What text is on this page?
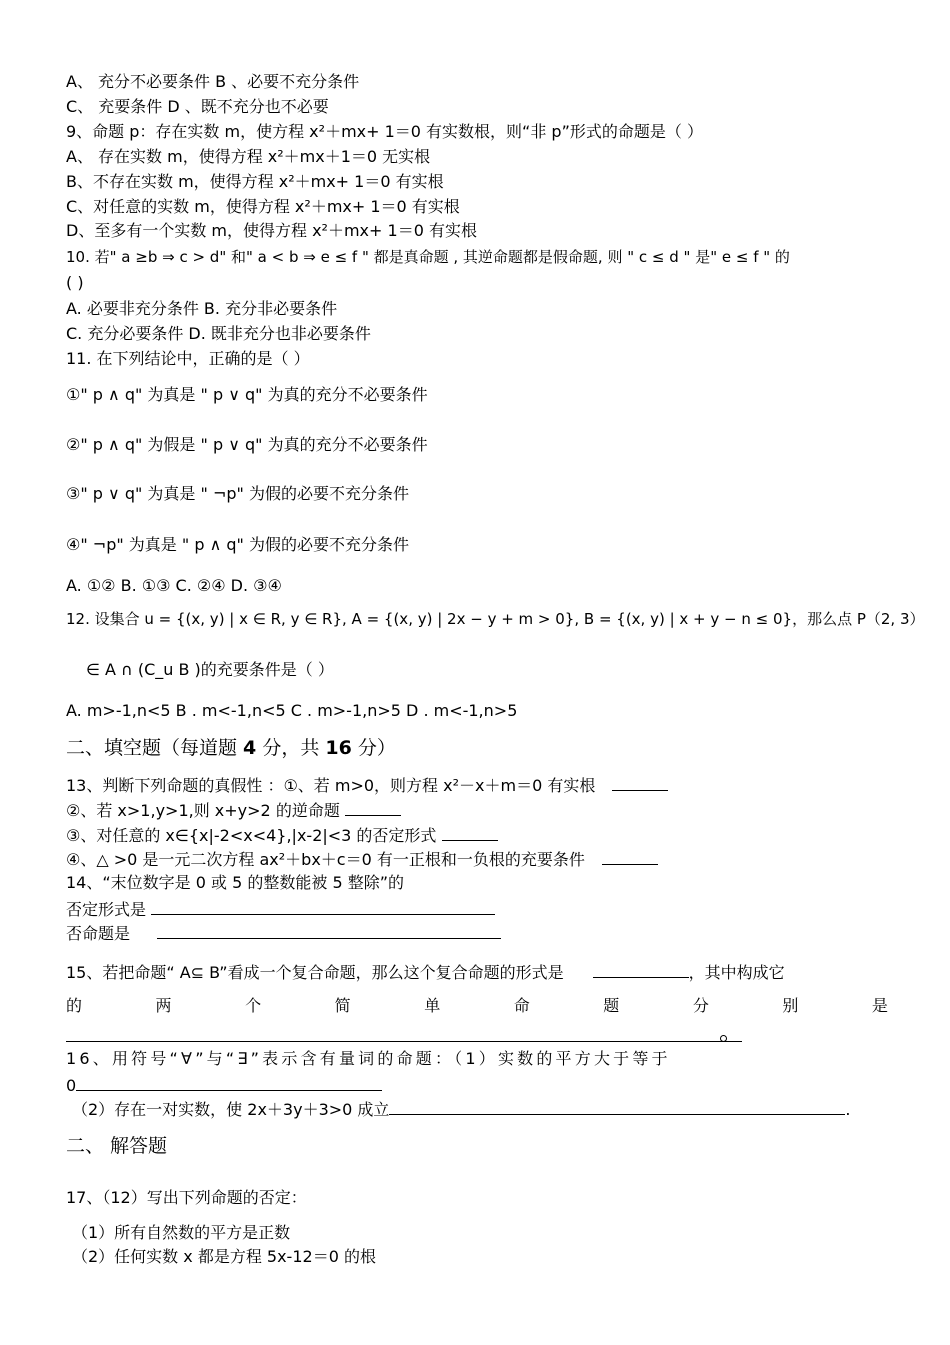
A、 充分不必要条件 B 、必要不充分条件
C、 充要条件 D 、既不充分也不必要
9、命题 p：存在实数 m，使方程 x²＋mx+ 1＝0 有实数根，则“非 p”形式的命题是（ ）
A、 存在实数 m，使得方程 x²＋mx＋1＝0 无实根
B、不存在实数 m，使得方程 x²＋mx+ 1＝0 有实根
C、对任意的实数 m，使得方程 x²＋mx+ 1＝0 有实根
D、至多有一个实数 m，使得方程 x²＋mx+ 1＝0 有实根
10. 若" a ≥b ⇒ c > d" 和" a < b ⇒ e ≤ f " 都是真命题 , 其逆命题都是假命题, 则 " c ≤ d " 是" e ≤ f " 的
( )
A. 必要非充分条件 B. 充分非必要条件
C. 充分必要条件 D. 既非充分也非必要条件
11. 在下列结论中，正确的是（ ）
①" p ∧ q" 为真是 " p ∨ q" 为真的充分不必要条件
②" p ∧ q" 为假是 " p ∨ q" 为真的充分不必要条件
③" p ∨ q" 为真是 " ¬p" 为假的必要不充分条件
④" ¬p" 为真是 " p ∧ q" 为假的必要不充分条件
A. ①② B. ①③ C. ②④ D. ③④
12. 设集合 u = {(x, y) | x ∈ R, y ∈ R}, A = {(x, y) | 2x − y + m > 0}, B = {(x, y) | x + y − n ≤ 0}，那么点 P（2, 3）
∈ A ∩ (C_u B )的充要条件是（ ）
A. m>-1,n<5 B . m<-1,n<5 C . m>-1,n>5 D . m<-1,n>5
二、填空题（每道题 4 分，共 16 分）
13、判断下列命题的真假性 ：①、若 m>0，则方程 x²－x＋m＝0 有实根
②、若 x>1,y>1,则 x+y>2 的逆命题
③、对任意的 x∈{x|-2<x<4},|x-2|<3 的否定形式
④、△ >0 是一元二次方程 ax²＋bx＋c＝0 有一正根和一负根的充要条件
14、“末位数字是 0 或 5 的整数能被 5 整除”的
否定形式是
否命题是
15、若把命题“ A⊆ B”看成一个复合命题，那么这个复合命题的形式是	，其中构成它
的	两	个	简	单	命	题	分	别	是
16、用符号“∀”与“∃”表示含有量词的命题：（1）实数的平方大于等于
0
（2）存在一对实数，使 2x＋3y＋3>0 成立	.
二、 解答题
17、（12）写出下列命题的否定：
（1）所有自然数的平方是正数
（2）任何实数 x 都是方程 5x-12＝0 的根
